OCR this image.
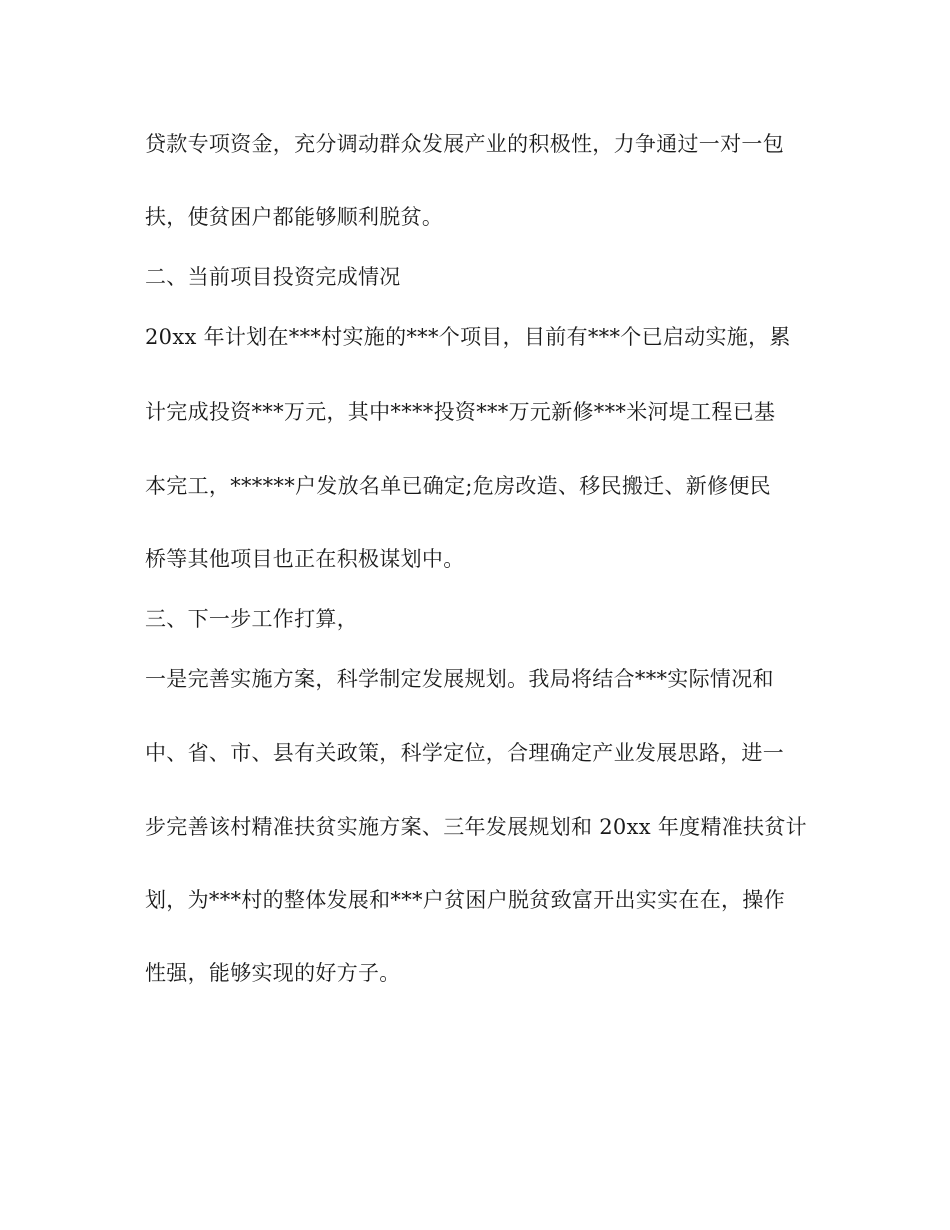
贷款专项资金，充分调动群众发展产业的积极性，力争通过一对一包
扶，使贫困户都能够顺利脱贫。
二、当前项目投资完成情况
20xx 年计划在***村实施的***个项目，目前有***个已启动实施，累
计完成投资***万元，其中****投资***万元新修***米河堤工程已基
本完工，******户发放名单已确定;危房改造、移民搬迁、新修便民
桥等其他项目也正在积极谋划中。
三、下一步工作打算，
一是完善实施方案，科学制定发展规划。我局将结合***实际情况和
中、省、市、县有关政策，科学定位，合理确定产业发展思路，进一
步完善该村精准扶贫实施方案、三年发展规划和 20xx 年度精准扶贫计
划，为***村的整体发展和***户贫困户脱贫致富开出实实在在，操作
性强，能够实现的好方子。
